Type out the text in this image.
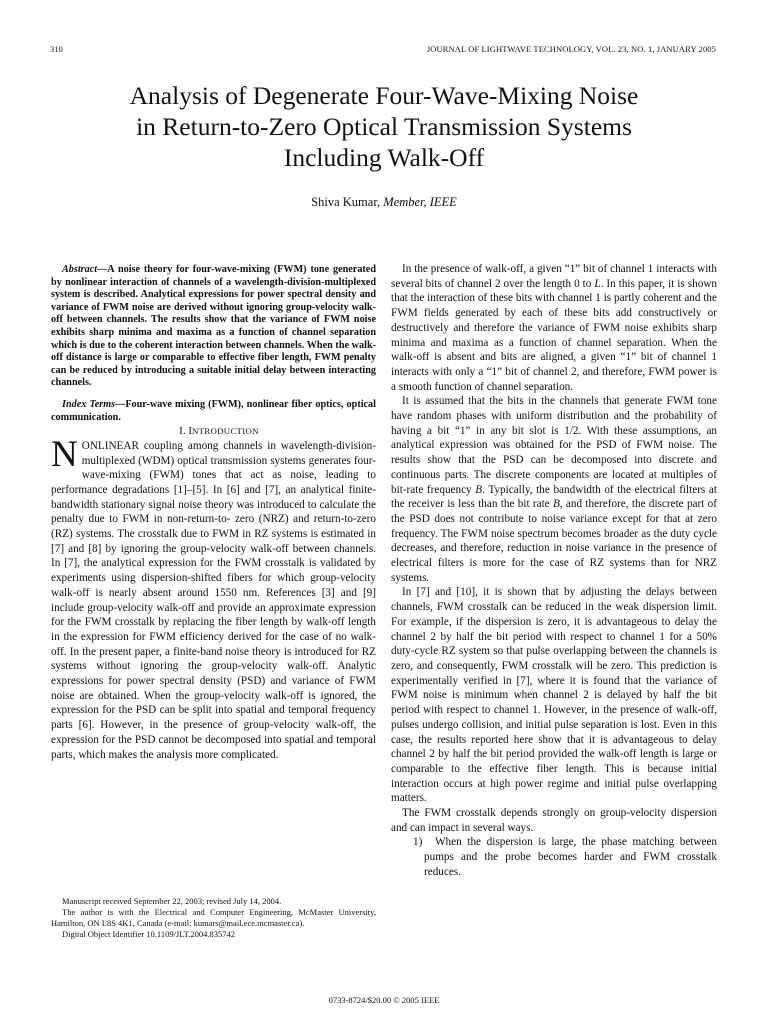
310	JOURNAL OF LIGHTWAVE TECHNOLOGY, VOL. 23, NO. 1, JANUARY 2005
Analysis of Degenerate Four-Wave-Mixing Noise
in Return-to-Zero Optical Transmission Systems
Including Walk-Off
Shiva Kumar, Member, IEEE

Abstract—A noise theory for four-wave-mixing (FWM) tone generated by nonlinear interaction of channels of a wavelength-division-multiplexed system is described. Analytical expressions for power spectral density and variance of FWM noise are derived without ignoring group-velocity walk-off between channels. The results show that the variance of FWM noise exhibits sharp minima and maxima as a function of channel separation which is due to the coherent interaction between channels. When the walk-off distance is large or comparable to effective fiber length, FWM penalty can be reduced by introducing a suitable initial delay between interacting channels.

Index Terms—Four-wave mixing (FWM), nonlinear fiber optics, optical communication.

I. INTRODUCTION

NONLINEAR coupling among channels in wavelength-division-multiplexed (WDM) optical transmission systems generates four-wave-mixing (FWM) tones that act as noise, leading to performance degradations [1]–[5]. In [6] and [7], an analytical finite-bandwidth stationary signal noise theory was introduced to calculate the penalty due to FWM in non-return-to- zero (NRZ) and return-to-zero (RZ) systems. The crosstalk due to FWM in RZ systems is estimated in [7] and [8] by ignoring the group-velocity walk-off between channels. In [7], the analytical expression for the FWM crosstalk is validated by experiments using dispersion-shifted fibers for which group-velocity walk-off is nearly absent around 1550 nm. References [3] and [9] include group-velocity walk-off and provide an approximate expression for the FWM crosstalk by replacing the fiber length by walk-off length in the expression for FWM efficiency derived for the case of no walk-off. In the present paper, a finite-band noise theory is introduced for RZ systems without ignoring the group-velocity walk-off. Analytic expressions for power spectral density (PSD) and variance of FWM noise are obtained. When the group-velocity walk-off is ignored, the expression for the PSD can be split into spatial and temporal frequency parts [6]. However, in the presence of group-velocity walk-off, the expression for the PSD cannot be decomposed into spatial and temporal parts, which makes the analysis more complicated.

Manuscript received September 22, 2003; revised July 14, 2004.

The author is with the Electrical and Computer Engineering, McMaster University, Hamilton, ON L8S 4K1, Canada (e-mail: kumars@mail.ece.mcmaster.ca).

Digital Object Identifier 10.1109/JLT.2004.835742

In the presence of walk-off, a given “1” bit of channel 1 interacts with several bits of channel 2 over the length 0 to L. In this paper, it is shown that the interaction of these bits with channel 1 is partly coherent and the FWM fields generated by each of these bits add constructively or destructively and therefore the variance of FWM noise exhibits sharp minima and maxima as a function of channel separation. When the walk-off is absent and bits are aligned, a given “1” bit of channel 1 interacts with only a “1” bit of channel 2, and therefore, FWM power is a smooth function of channel separation.

It is assumed that the bits in the channels that generate FWM tone have random phases with uniform distribution and the probability of having a bit “1” in any bit slot is 1/2. With these assumptions, an analytical expression was obtained for the PSD of FWM noise. The results show that the PSD can be decomposed into discrete and continuous parts. The discrete components are located at multiples of bit-rate frequency B. Typically, the bandwidth of the electrical filters at the receiver is less than the bit rate B, and therefore, the discrete part of the PSD does not contribute to noise variance except for that at zero frequency. The FWM noise spectrum becomes broader as the duty cycle decreases, and therefore, reduction in noise variance in the presence of electrical filters is more for the case of RZ systems than for NRZ systems.

In [7] and [10], it is shown that by adjusting the delays between channels, FWM crosstalk can be reduced in the weak dispersion limit. For example, if the dispersion is zero, it is advantageous to delay the channel 2 by half the bit period with respect to channel 1 for a 50% duty-cycle RZ system so that pulse overlapping between the channels is zero, and consequently, FWM crosstalk will be zero. This prediction is experimentally verified in [7], where it is found that the variance of FWM noise is minimum when channel 2 is delayed by half the bit period with respect to channel 1. However, in the presence of walk-off, pulses undergo collision, and initial pulse separation is lost. Even in this case, the results reported here show that it is advantageous to delay channel 2 by half the bit period provided the walk-off length is large or comparable to the effective fiber length. This is because initial interaction occurs at high power regime and initial pulse overlapping matters.

The FWM crosstalk depends strongly on group-velocity dispersion and can impact in several ways.

1) When the dispersion is large, the phase matching between pumps and the probe becomes harder and FWM crosstalk reduces.

0733-8724/$20.00 © 2005 IEEE
